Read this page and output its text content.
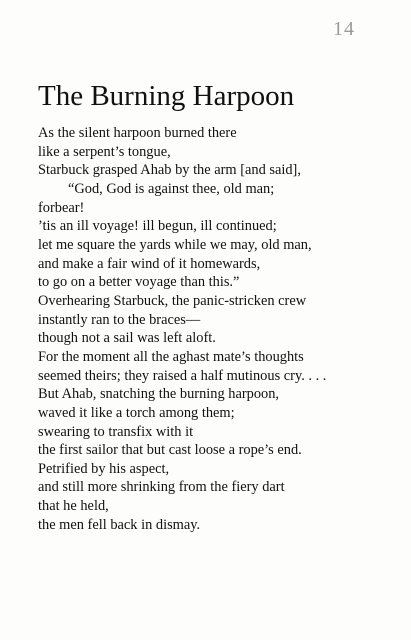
14
The Burning Harpoon
As the silent harpoon burned there
like a serpent’s tongue,
Starbuck grasped Ahab by the arm [and said],
“God, God is against thee, old man;
forbear!
’tis an ill voyage! ill begun, ill continued;
let me square the yards while we may, old man,
and make a fair wind of it homewards,
to go on a better voyage than this.”
Overhearing Starbuck, the panic-stricken crew
instantly ran to the braces—
though not a sail was left aloft.
For the moment all the aghast mate’s thoughts
seemed theirs; they raised a half mutinous cry. . . .
But Ahab, snatching the burning harpoon,
waved it like a torch among them;
swearing to transfix with it
the first sailor that but cast loose a rope’s end.
Petrified by his aspect,
and still more shrinking from the fiery dart
that he held,
the men fell back in dismay.
